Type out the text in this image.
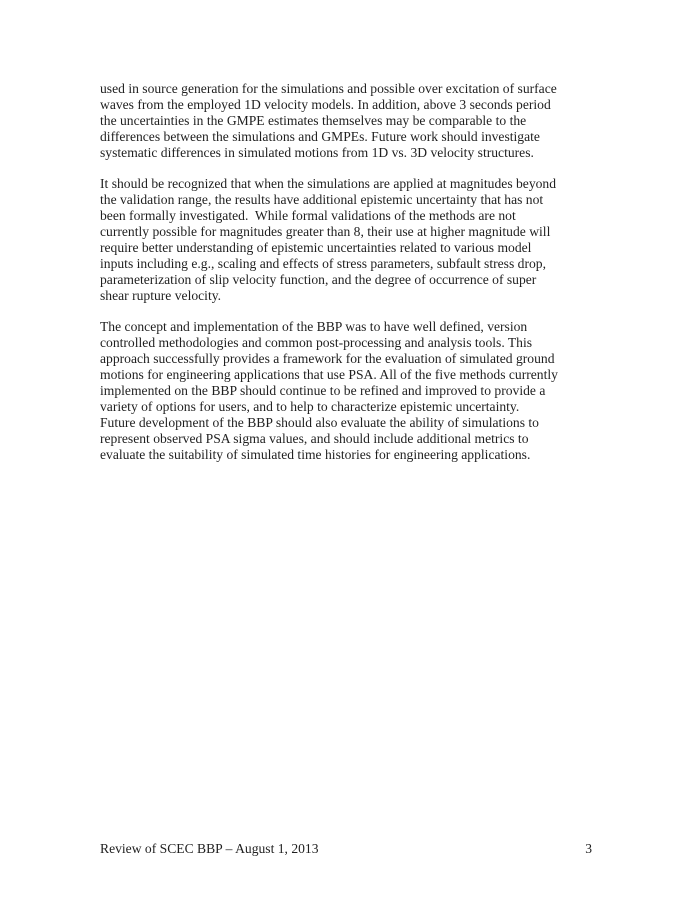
used in source generation for the simulations and possible over excitation of surface
waves from the employed 1D velocity models. In addition, above 3 seconds period
the uncertainties in the GMPE estimates themselves may be comparable to the
differences between the simulations and GMPEs. Future work should investigate
systematic differences in simulated motions from 1D vs. 3D velocity structures.
It should be recognized that when the simulations are applied at magnitudes beyond
the validation range, the results have additional epistemic uncertainty that has not
been formally investigated.  While formal validations of the methods are not
currently possible for magnitudes greater than 8, their use at higher magnitude will
require better understanding of epistemic uncertainties related to various model
inputs including e.g., scaling and effects of stress parameters, subfault stress drop,
parameterization of slip velocity function, and the degree of occurrence of super
shear rupture velocity.
The concept and implementation of the BBP was to have well defined, version
controlled methodologies and common post-processing and analysis tools. This
approach successfully provides a framework for the evaluation of simulated ground
motions for engineering applications that use PSA. All of the five methods currently
implemented on the BBP should continue to be refined and improved to provide a
variety of options for users, and to help to characterize epistemic uncertainty.
Future development of the BBP should also evaluate the ability of simulations to
represent observed PSA sigma values, and should include additional metrics to
evaluate the suitability of simulated time histories for engineering applications.
Review of SCEC BBP – August 1, 2013	3
